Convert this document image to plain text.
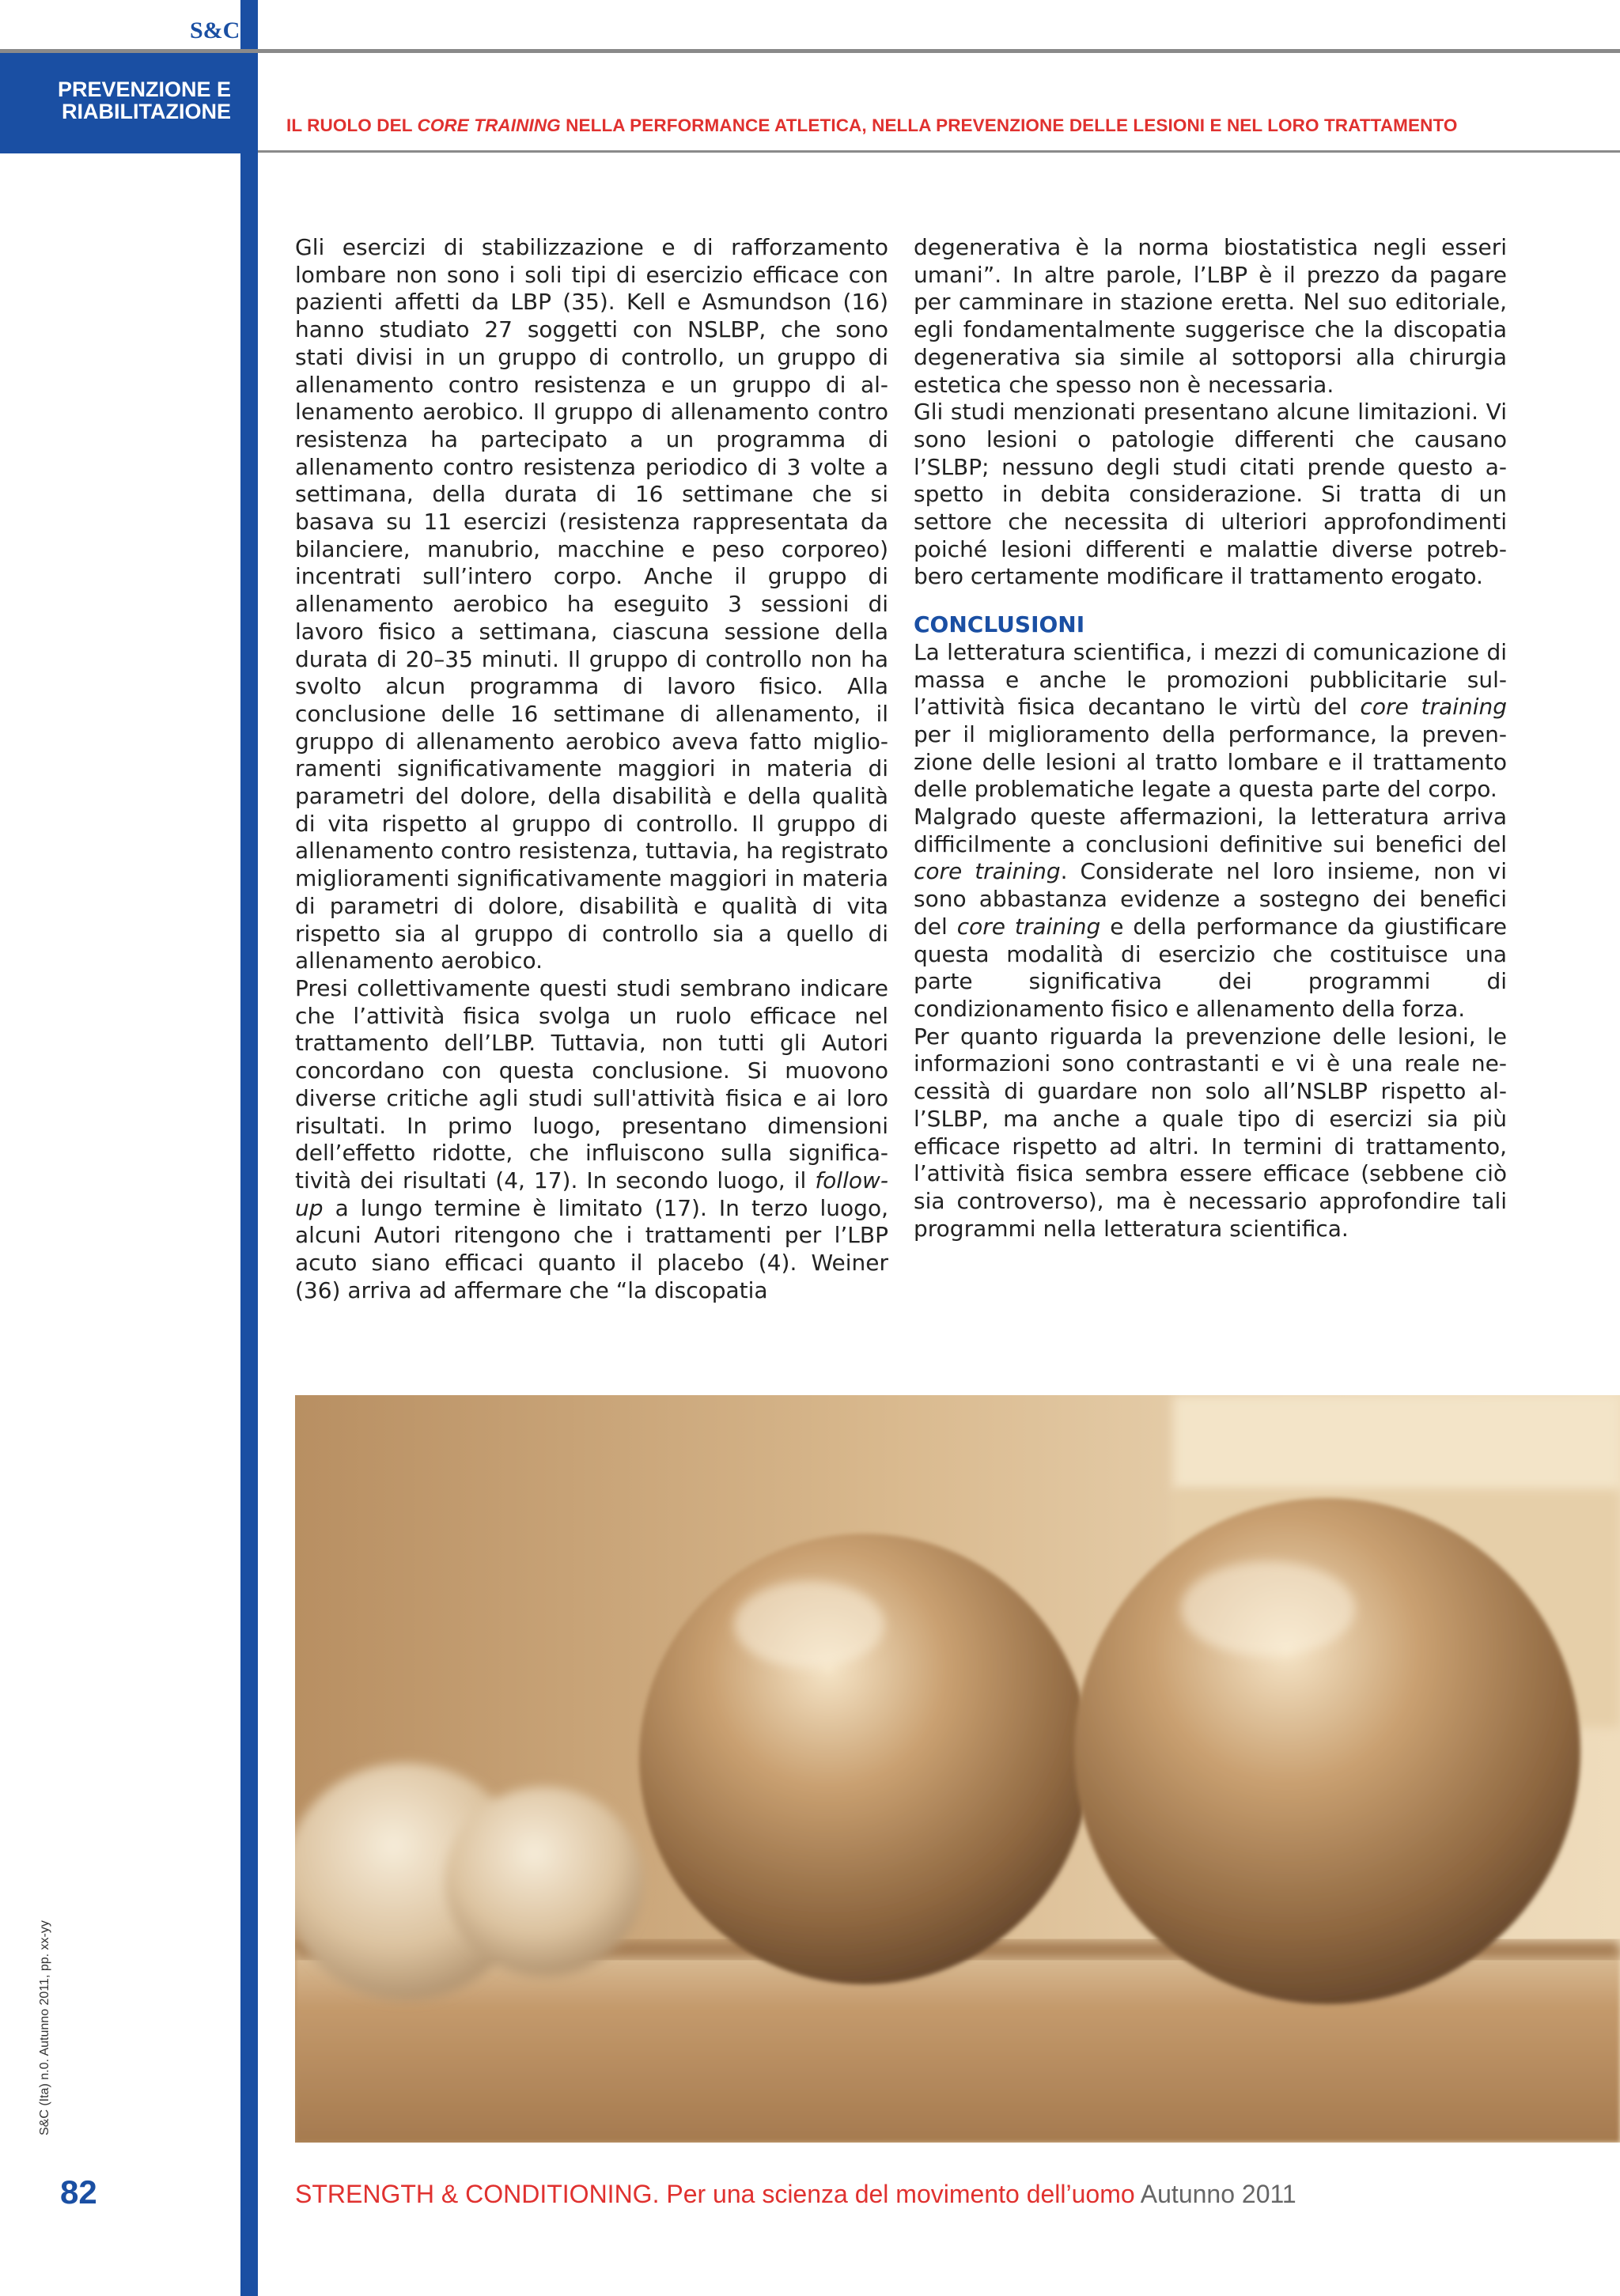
S&C
PREVENZIONE E
RIABILITAZIONE
IL RUOLO DEL CORE TRAINING NELLA PERFORMANCE ATLETICA, NELLA PREVENZIONE DELLE LESIONI E NEL LORO TRATTAMENTO

Gli esercizi di stabilizzazione e di rafforzamento lombare non sono i soli tipi di esercizio efficace con pazienti affetti da LBP (35). Kell e Asmundson (16) hanno studiato 27 soggetti con NSLBP, che sono stati divisi in un gruppo di controllo, un gruppo di allenamento contro resistenza e un gruppo di allenamento aerobico. Il gruppo di allenamento contro resistenza ha partecipato a un programma di allenamento contro resistenza periodico di 3 volte a settimana, della durata di 16 settimane che si basava su 11 esercizi (resistenza rappresentata da bilanciere, manubrio, macchine e peso corporeo) incentrati sull’intero corpo. Anche il gruppo di allenamento aerobico ha eseguito 3 sessioni di lavoro fisico a settimana, ciascuna sessione della durata di 20–35 minuti. Il gruppo di controllo non ha svolto alcun programma di lavoro fisico. Alla conclusione delle 16 settimane di allenamento, il gruppo di allenamento aerobico aveva fatto miglioramenti significativamente maggiori in materia di parametri del dolore, della disabilità e della qualità di vita rispetto al gruppo di controllo. Il gruppo di allenamento contro resistenza, tuttavia, ha registrato miglioramenti significativamente maggiori in materia di parametri di dolore, disabilità e qualità di vita rispetto sia al gruppo di controllo sia a quello di allenamento aerobico.

Presi collettivamente questi studi sembrano indicare che l’attività fisica svolga un ruolo efficace nel trattamento dell’LBP. Tuttavia, non tutti gli Autori concordano con questa conclusione. Si muovono diverse critiche agli studi sull'attività fisica e ai loro risultati. In primo luogo, presentano dimensioni dell’effetto ridotte, che influiscono sulla significatività dei risultati (4, 17). In secondo luogo, il follow-up a lungo termine è limitato (17). In terzo luogo, alcuni Autori ritengono che i trattamenti per l’LBP acuto siano efficaci quanto il placebo (4). Weiner (36) arriva ad affermare che “la discopatia

degenerativa è la norma biostatistica negli esseri umani”. In altre parole, l’LBP è il prezzo da pagare per camminare in stazione eretta. Nel suo editoriale, egli fondamentalmente suggerisce che la discopatia degenerativa sia simile al sottoporsi alla chirurgia estetica che spesso non è necessaria.

Gli studi menzionati presentano alcune limitazioni. Vi sono lesioni o patologie differenti che causano l’SLBP; nessuno degli studi citati prende questo a-spetto in debita considerazione. Si tratta di un settore che necessita di ulteriori approfondimenti poiché lesioni differenti e malattie diverse potrebbero certamente modificare il trattamento erogato.

CONCLUSIONI

La letteratura scientifica, i mezzi di comunicazione di massa e anche le promozioni pubblicitarie sull’attività fisica decantano le virtù del core training per il miglioramento della performance, la prevenzione delle lesioni al tratto lombare e il trattamento delle problematiche legate a questa parte del corpo.

Malgrado queste affermazioni, la letteratura arriva difficilmente a conclusioni definitive sui benefici del core training. Considerate nel loro insieme, non vi sono abbastanza evidenze a sostegno dei benefici del core training e della performance da giustificare questa modalità di esercizio che costituisce una parte significativa dei programmi di condizionamento fisico e allenamento della forza.

Per quanto riguarda la prevenzione delle lesioni, le informazioni sono contrastanti e vi è una reale necessità di guardare non solo all’NSLBP rispetto all’SLBP, ma anche a quale tipo di esercizi sia più efficace rispetto ad altri. In termini di trattamento, l’attività fisica sembra essere efficace (sebbene ciò sia controverso), ma è necessario approfondire tali programmi nella letteratura scientifica.

S&C (Ita) n.0. Autunno 2011, pp. xx-yy
82	STRENGTH & CONDITIONING. Per una scienza del movimento dell’uomo Autunno 2011
